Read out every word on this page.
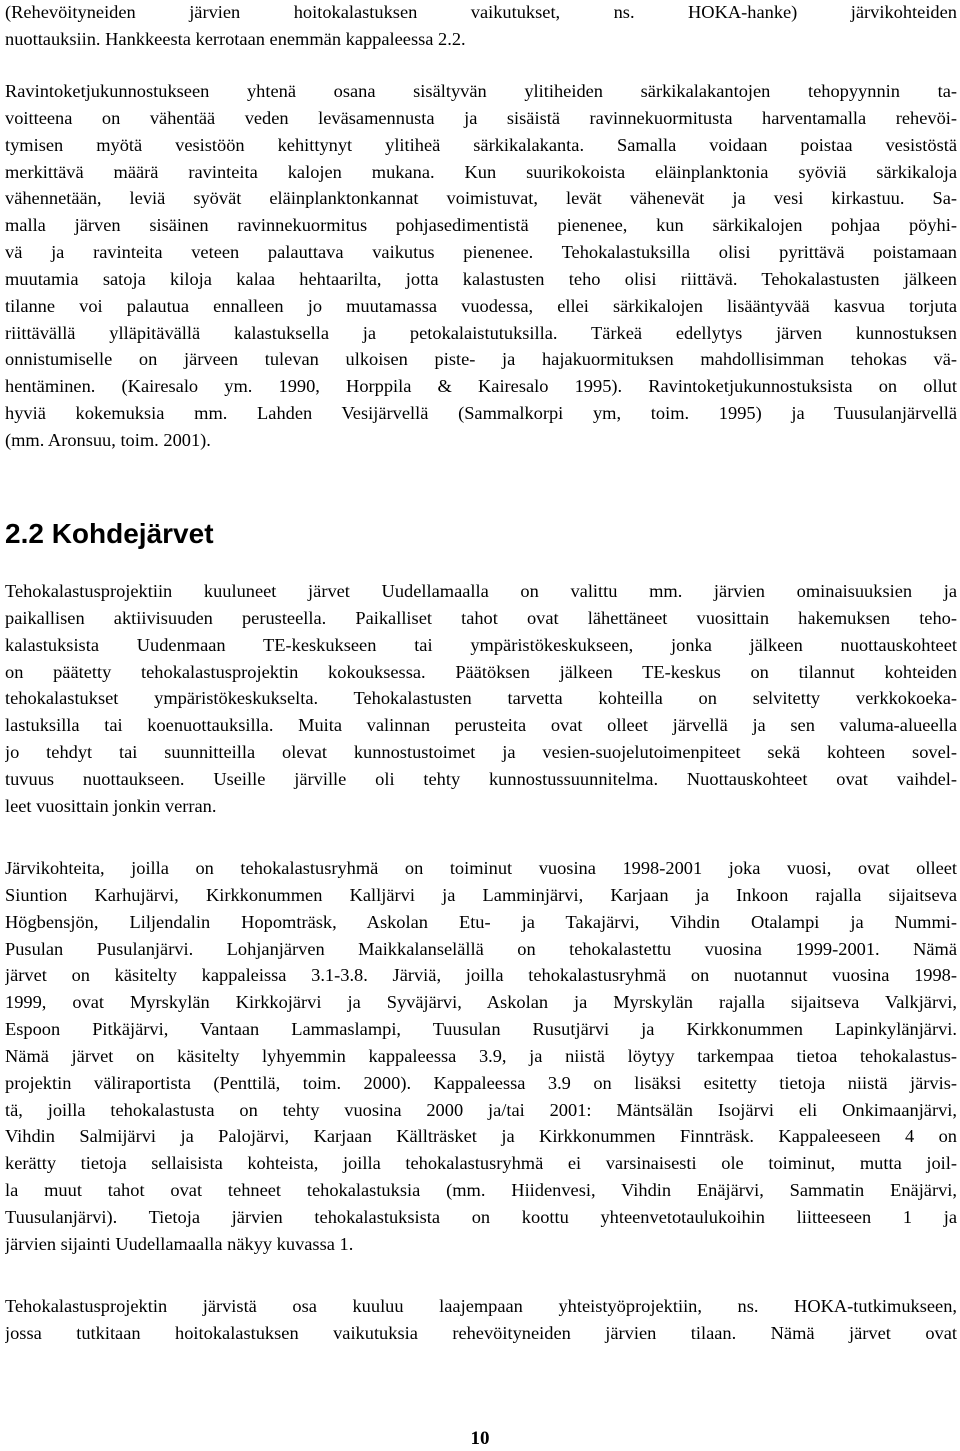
(Rehevöityneiden järvien hoitokalastuksen vaikutukset, ns. HOKA-hanke) järvikohteiden
nuottauksiin. Hankkeesta kerrotaan enemmän kappaleessa 2.2.
Ravintoketjukunnostukseen yhtenä osana sisältyvän ylitiheiden särkikalakantojen tehopyynnin ta-
voitteena on vähentää veden leväsamennusta ja sisäistä ravinnekuormitusta harventamalla rehevöi-
tymisen myötä vesistöön kehittynyt ylitiheä särkikalakanta. Samalla voidaan poistaa vesistöstä
merkittävä määrä ravinteita kalojen mukana. Kun suurikokoista eläinplanktonia syöviä särkikaloja
vähennetään, leviä syövät eläinplanktonkannat voimistuvat, levät vähenevät ja vesi kirkastuu. Sa-
malla järven sisäinen ravinnekuormitus pohjasedimentistä pienenee, kun särkikalojen pohjaa pöyhi-
vä ja ravinteita veteen palauttava vaikutus pienenee. Tehokalastuksilla olisi pyrittävä poistamaan
muutamia satoja kiloja kalaa hehtaarilta, jotta kalastusten teho olisi riittävä. Tehokalastusten jälkeen
tilanne voi palautua ennalleen jo muutamassa vuodessa, ellei särkikalojen lisääntyvää kasvua torjuta
riittävällä ylläpitävällä kalastuksella ja petokalaistutuksilla. Tärkeä edellytys järven kunnostuksen
onnistumiselle on järveen tulevan ulkoisen piste- ja hajakuormituksen mahdollisimman tehokas vä-
hentäminen. (Kairesalo ym. 1990, Horppila & Kairesalo 1995). Ravintoketjukunnostuksista on ollut
hyviä kokemuksia mm. Lahden Vesijärvellä (Sammalkorpi ym, toim. 1995) ja Tuusulanjärvellä
(mm. Aronsuu, toim. 2001).
2.2 Kohdejärvet
Tehokalastusprojektiin kuuluneet järvet Uudellamaalla on valittu mm. järvien ominaisuuksien ja
paikallisen aktiivisuuden perusteella. Paikalliset tahot ovat lähettäneet vuosittain hakemuksen teho-
kalastuksista Uudenmaan TE-keskukseen tai ympäristökeskukseen, jonka jälkeen nuottauskohteet
on päätetty tehokalastusprojektin kokouksessa. Päätöksen jälkeen TE-keskus on tilannut kohteiden
tehokalastukset ympäristökeskukselta. Tehokalastusten tarvetta kohteilla on selvitetty verkkokoeka-
lastuksilla tai koenuottauksilla. Muita valinnan perusteita ovat olleet järvellä ja sen valuma-alueella
jo tehdyt tai suunnitteilla olevat kunnostustoimet ja vesien-suojelutoimenpiteet sekä kohteen sovel-
tuvuus nuottaukseen. Useille järville oli tehty kunnostussuunnitelma. Nuottauskohteet ovat vaihdel-
leet vuosittain jonkin verran.
Järvikohteita, joilla on tehokalastusryhmä on toiminut vuosina 1998-2001 joka vuosi, ovat olleet
Siuntion Karhujärvi, Kirkkonummen Kalljärvi ja Lamminjärvi, Karjaan ja Inkoon rajalla sijaitseva
Högbensjön, Liljendalin Hopomträsk, Askolan Etu- ja Takajärvi, Vihdin Otalampi ja Nummi-
Pusulan Pusulanjärvi. Lohjanjärven Maikkalanselällä on tehokalastettu vuosina 1999-2001. Nämä
järvet on käsitelty kappaleissa 3.1-3.8. Järviä, joilla tehokalastusryhmä on nuotannut vuosina 1998-
1999, ovat Myrskylän Kirkkojärvi ja Syväjärvi, Askolan ja Myrskylän rajalla sijaitseva Valkjärvi,
Espoon Pitkäjärvi, Vantaan Lammaslampi, Tuusulan Rusutjärvi ja Kirkkonummen Lapinkylänjärvi.
Nämä järvet on käsitelty lyhyemmin kappaleessa 3.9, ja niistä löytyy tarkempaa tietoa tehokalastus-
projektin väliraportista (Penttilä, toim. 2000). Kappaleessa 3.9 on lisäksi esitetty tietoja niistä järvis-
tä, joilla tehokalastusta on tehty vuosina 2000 ja/tai 2001: Mäntsälän Isojärvi eli Onkimaanjärvi,
Vihdin Salmijärvi ja Palojärvi, Karjaan Källträsket ja Kirkkonummen Finnträsk. Kappaleeseen 4 on
kerätty tietoja sellaisista kohteista, joilla tehokalastusryhmä ei varsinaisesti ole toiminut, mutta joil-
la muut tahot ovat tehneet tehokalastuksia (mm. Hiidenvesi, Vihdin Enäjärvi, Sammatin Enäjärvi,
Tuusulanjärvi). Tietoja järvien tehokalastuksista on koottu yhteenvetotaulukoihin liitteeseen 1 ja
järvien sijainti Uudellamaalla näkyy kuvassa 1.
Tehokalastusprojektin järvistä osa kuuluu laajempaan yhteistyöprojektiin, ns. HOKA-tutkimukseen,
jossa tutkitaan hoitokalastuksen vaikutuksia rehevöityneiden järvien tilaan. Nämä järvet ovat
10
